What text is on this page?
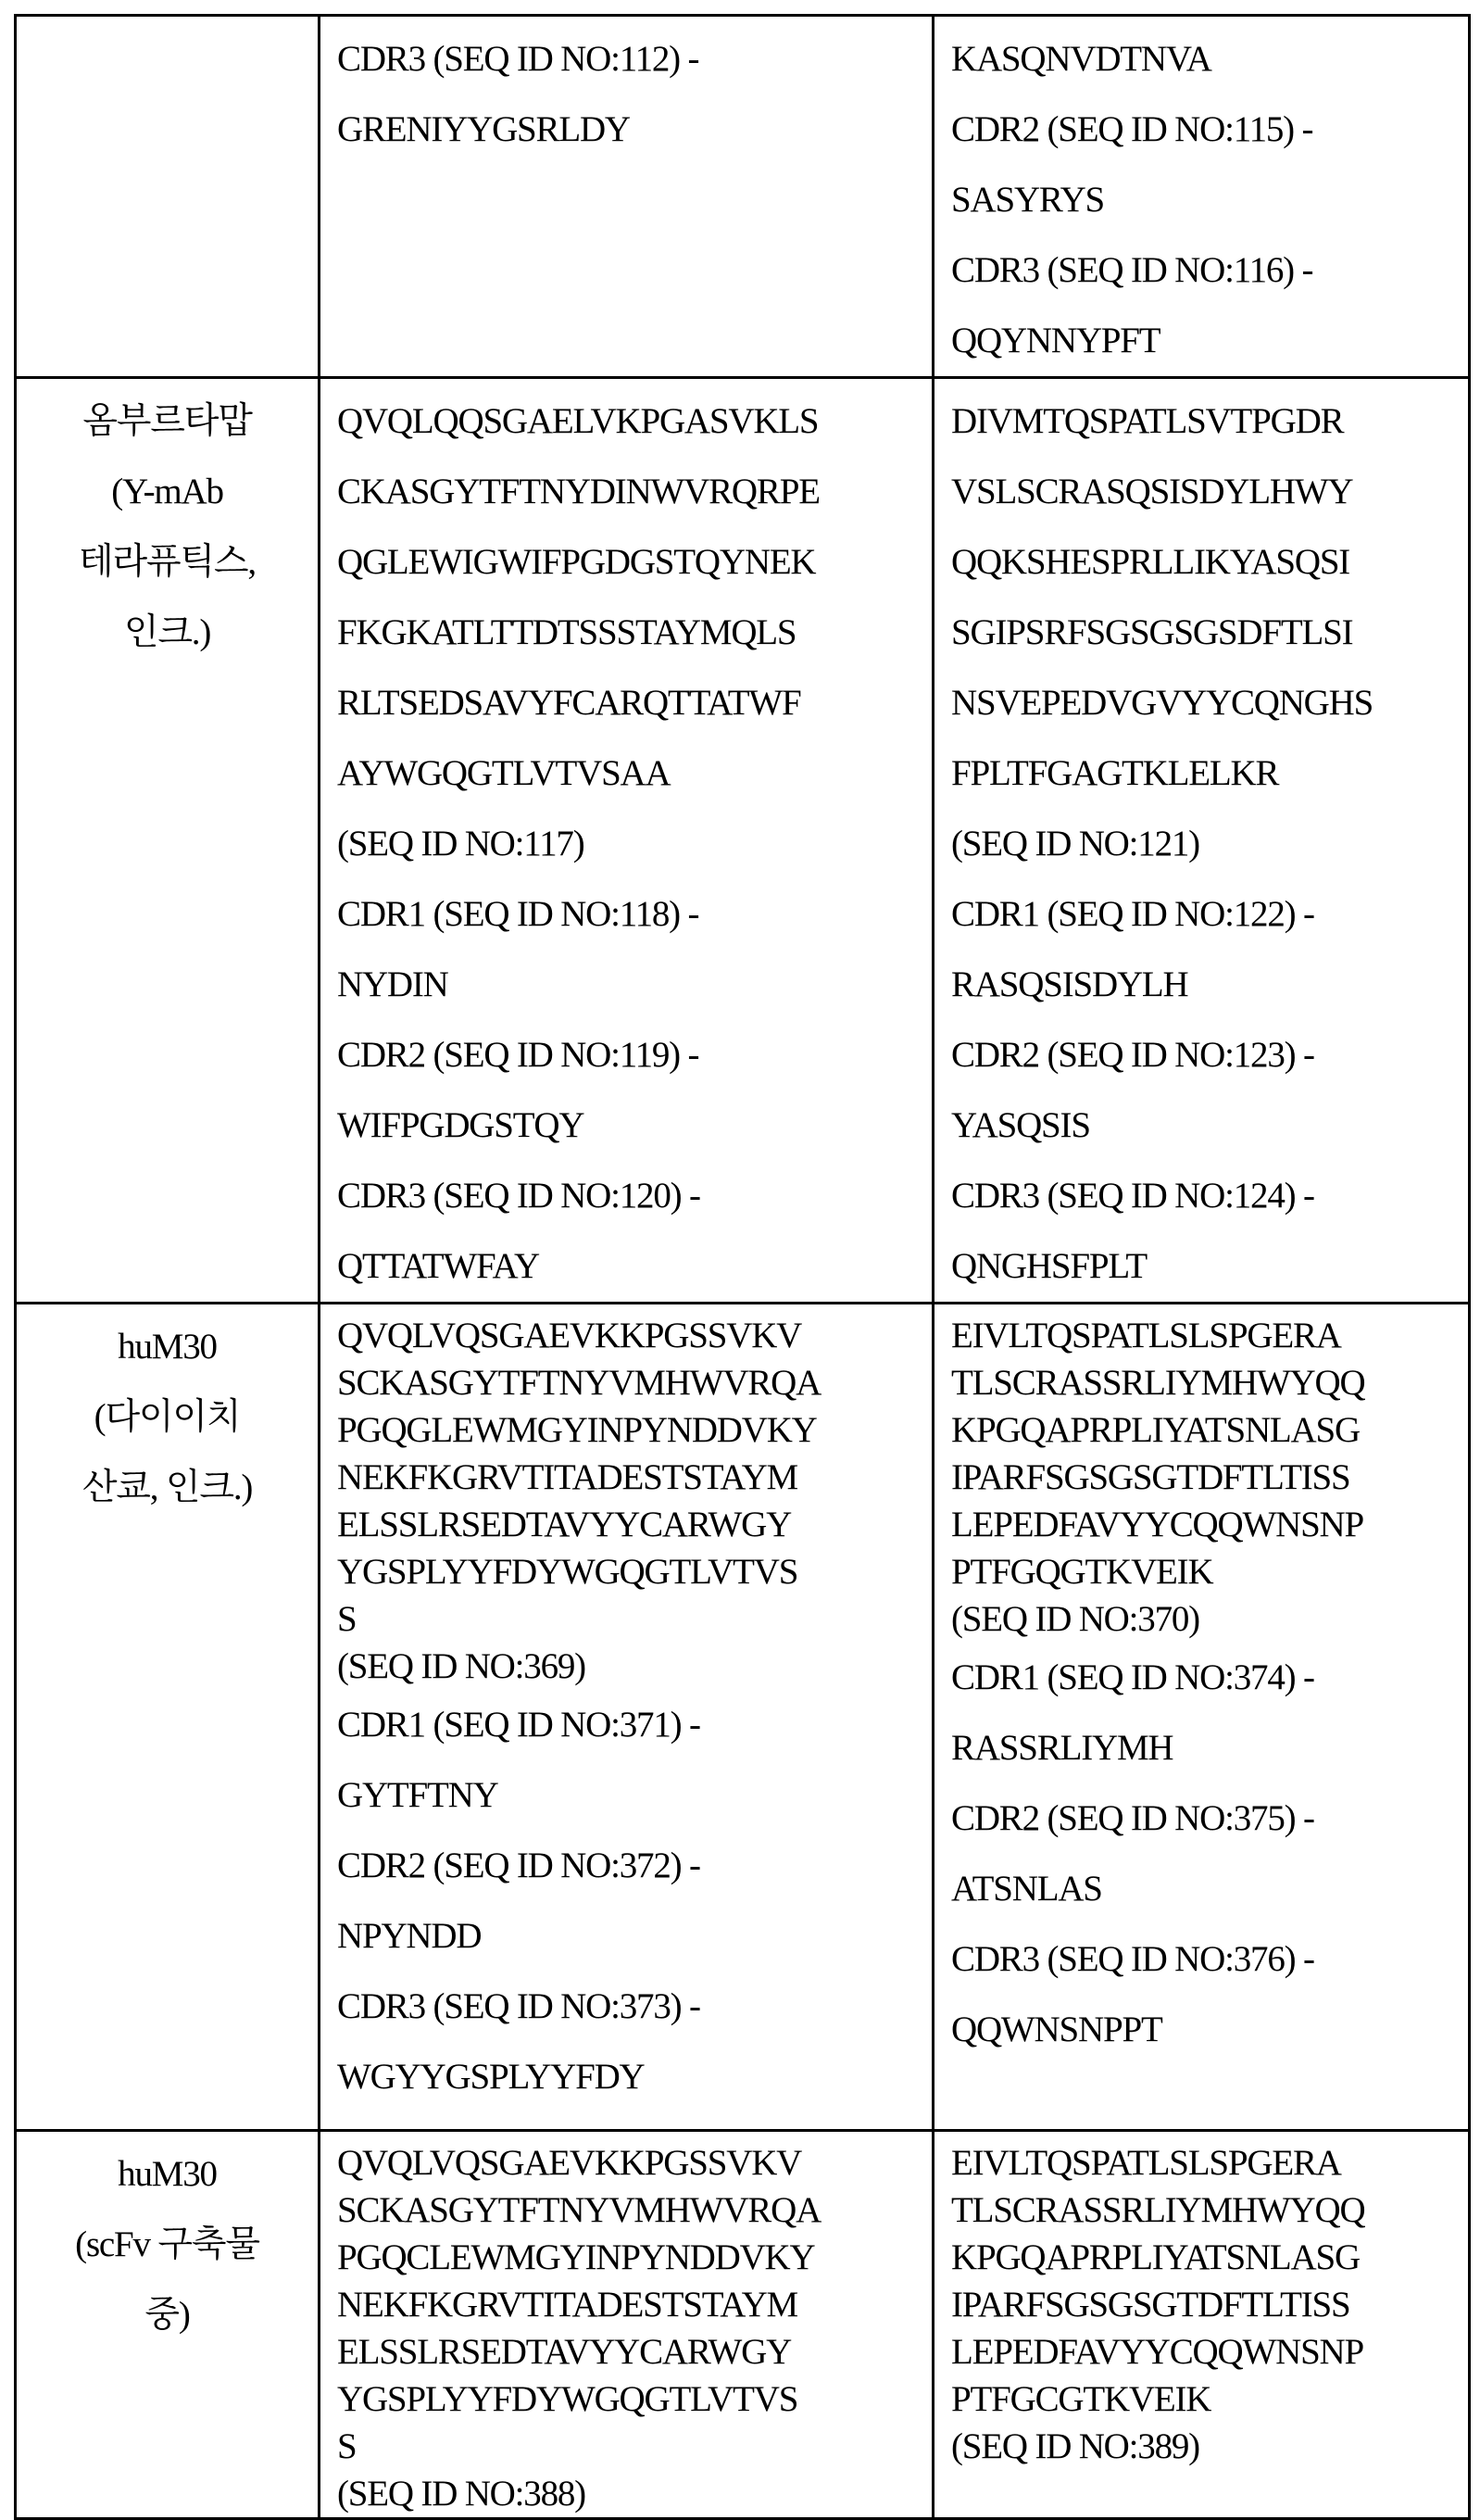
CDR3 (SEQ ID NO:112) -
GRENIYYGSRLDY

KASQNVDTNVA
CDR2 (SEQ ID NO:115) -
SASYRYS
CDR3 (SEQ ID NO:116) -
QQYNNYPFT

옴부르타맙
(Y-mAb
테라퓨틱스,
인크.)

QVQLQQSGAELVKPGASVKLS
CKASGYTFTNYDINWVRQRPE
QGLEWIGWIFPGDGSTQYNEK
FKGKATLTTDTSSSTAYMQLS
RLTSEDSAVYFCARQTTATWF
AYWGQGTLVTVSAA
(SEQ ID NO:117)
CDR1 (SEQ ID NO:118) -
NYDIN
CDR2 (SEQ ID NO:119) -
WIFPGDGSTQY
CDR3 (SEQ ID NO:120) -
QTTATWFAY

DIVMTQSPATLSVTPGDR
VSLSCRASQSISDYLHWY
QQKSHESPRLLIKYASQSI
SGIPSRFSGSGSGSDFTLSI
NSVEPEDVGVYYCQNGHS
FPLTFGAGTKLELKR
(SEQ ID NO:121)
CDR1 (SEQ ID NO:122) -
RASQSISDYLH
CDR2 (SEQ ID NO:123) -
YASQSIS
CDR3 (SEQ ID NO:124) -
QNGHSFPLT

huM30
(다이이치
산쿄, 인크.)

QVQLVQSGAEVKKPGSSVKV
SCKASGYTFTNYVMHWVRQA
PGQGLEWMGYINPYNDDVKY
NEKFKGRVTITADESTSTAYM
ELSSLRSEDTAVYYCARWGY
YGSPLYYFDYWGQGTLVTVS
S
(SEQ ID NO:369)
CDR1 (SEQ ID NO:371) -
GYTFTNY
CDR2 (SEQ ID NO:372) -
NPYNDD
CDR3 (SEQ ID NO:373) -
WGYYGSPLYYFDY

EIVLTQSPATLSLSPGERA
TLSCRASSRLIYMHWYQQ
KPGQAPRPLIYATSNLASG
IPARFSGSGSGTDFTLTISS
LEPEDFAVYYCQQWNSNP
PTFGQGTKVEIK
(SEQ ID NO:370)
CDR1 (SEQ ID NO:374) -
RASSRLIYMH
CDR2 (SEQ ID NO:375) -
ATSNLAS
CDR3 (SEQ ID NO:376) -
QQWNSNPPT

huM30
(scFv 구축물
중)

QVQLVQSGAEVKKPGSSVKV
SCKASGYTFTNYVMHWVRQA
PGQCLEWMGYINPYNDDVKY
NEKFKGRVTITADESTSTAYM
ELSSLRSEDTAVYYCARWGY
YGSPLYYFDYWGQGTLVTVS
S
(SEQ ID NO:388)

EIVLTQSPATLSLSPGERA
TLSCRASSRLIYMHWYQQ
KPGQAPRPLIYATSNLASG
IPARFSGSGSGTDFTLTISS
LEPEDFAVYYCQQWNSNP
PTFGCGTKVEIK
(SEQ ID NO:389)
